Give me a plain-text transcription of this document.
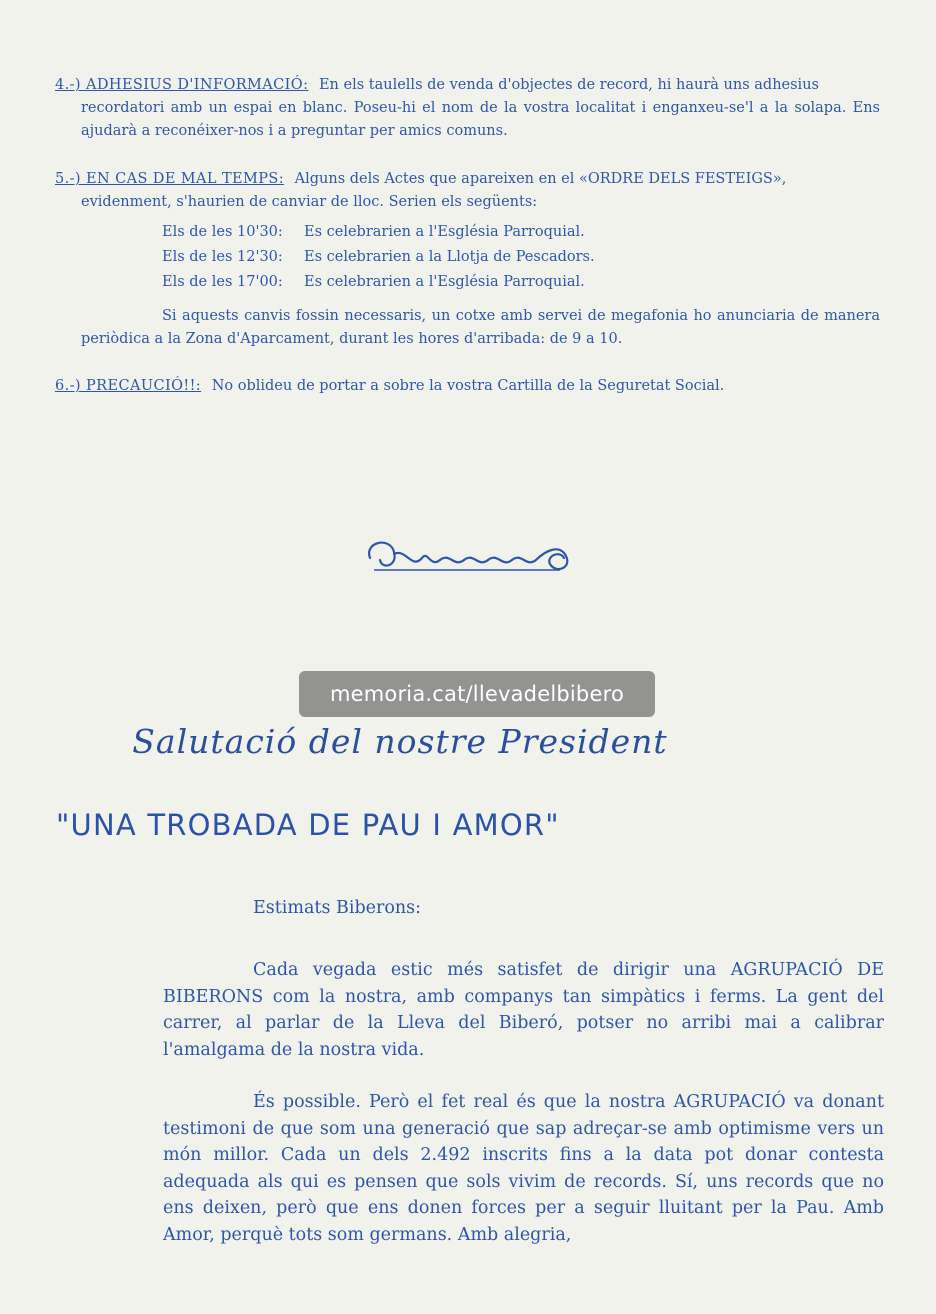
4.-) ADHESIUS D'INFORMACIÓ: En els taulells de venda d'objectes de record, hi haurà uns adhesius
recordatori amb un espai en blanc. Poseu-hi el nom de la vostra localitat i enganxeu-se'l a la solapa. Ens ajudarà a reconéixer-nos i a preguntar per amics comuns.
5.-) EN CAS DE MAL TEMPS: Alguns dels Actes que apareixen en el «ORDRE DELS FESTEIGS»,
evidenment, s'haurien de canviar de lloc. Serien els següents:
Els de les 10'30:	Es celebrarien a l'Església Parroquial.
Els de les 12'30:	Es celebrarien a la Llotja de Pescadors.
Els de les 17'00:	Es celebrarien a l'Església Parroquial.
Si aquests canvis fossin necessaris, un cotxe amb servei de megafonia ho anunciaria de manera periòdica a la Zona d'Aparcament, durant les hores d'arribada: de 9 a 10.
6.-) PRECAUCIÓ!!: No oblideu de portar a sobre la vostra Cartilla de la Seguretat Social.
memoria.cat/llevadelbibero
Salutació del nostre President
"UNA TROBADA DE PAU I AMOR"
Estimats Biberons:

Cada vegada estic més satisfet de dirigir una AGRUPACIÓ DE BIBERONS com la nostra, amb companys tan simpàtics i ferms. La gent del carrer, al parlar de la Lleva del Biberó, potser no arribi mai a calibrar l'amalgama de la nostra vida.

És possible. Però el fet real és que la nostra AGRUPACIÓ va donant testimoni de que som una generació que sap adreçar-se amb optimisme vers un món millor. Cada un dels 2.492 inscrits fins a la data pot donar contesta adequada als qui es pensen que sols vivim de records. Sí, uns records que no ens deixen, però que ens donen forces per a seguir lluitant per la Pau. Amb Amor, perquè tots som germans. Amb alegria,
